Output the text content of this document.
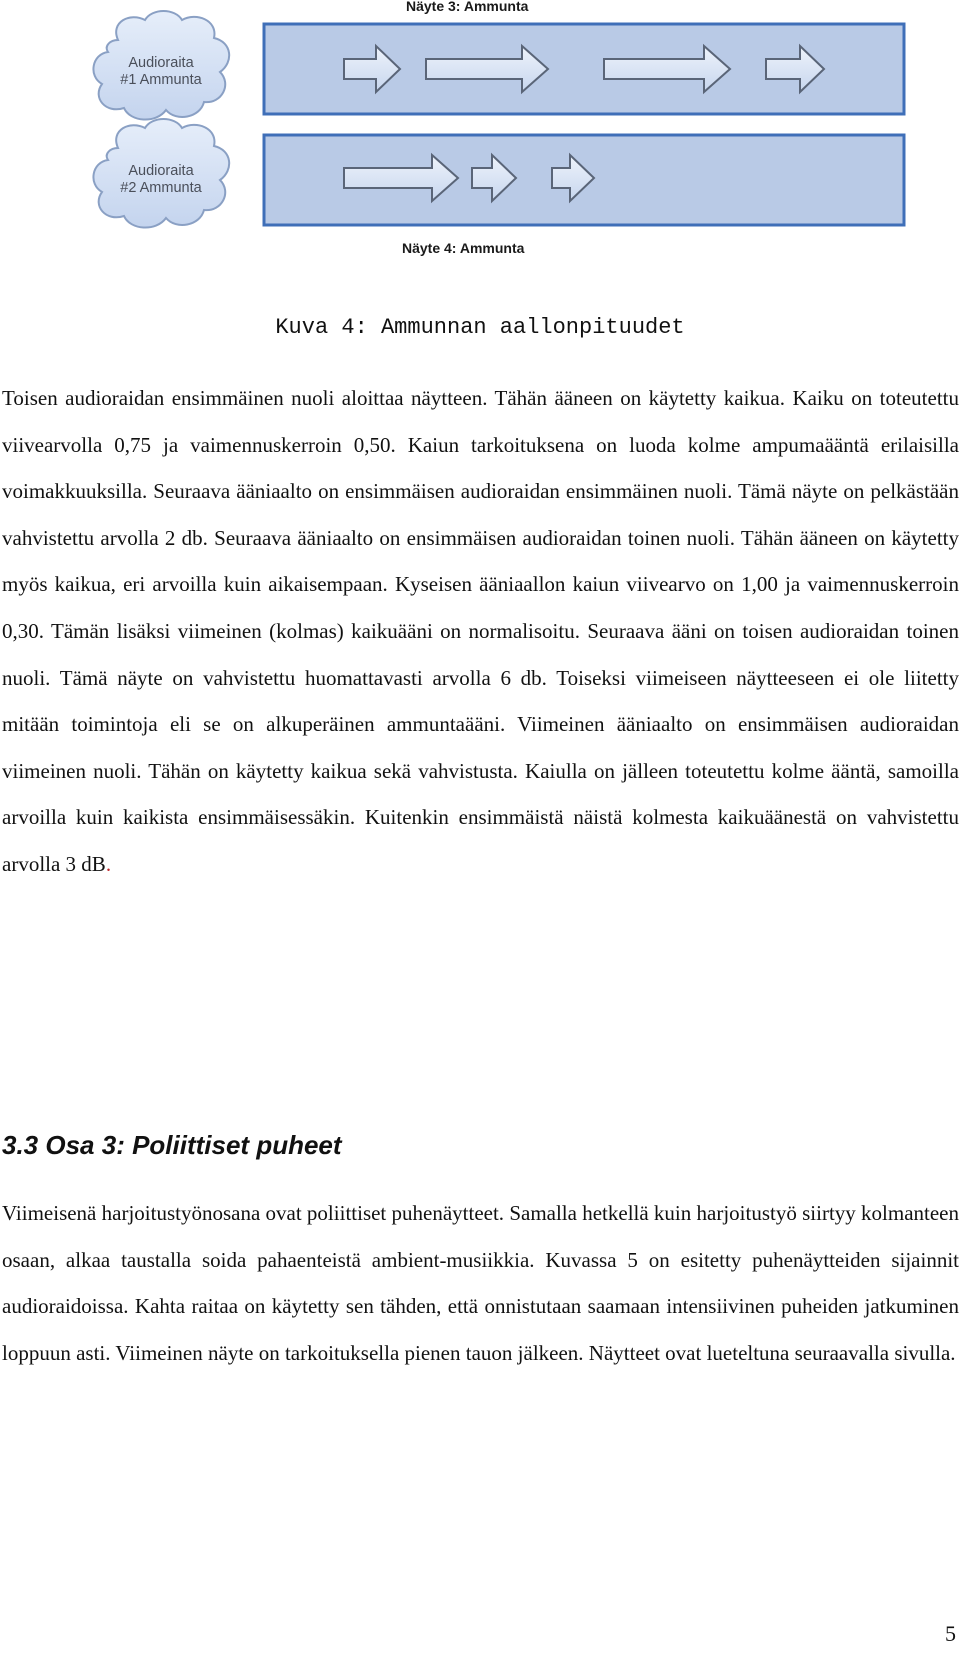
Näyte 3: Ammunta
Näyte 4: Ammunta
Audioraita
#1 Ammunta
Audioraita
#2 Ammunta
Kuva 4: Ammunnan aallonpituudet

Toisen audioraidan ensimmäinen nuoli aloittaa näytteen. Tähän ääneen on käytetty kaikua. Kaiku on toteutettu viivearvolla 0,75 ja vaimennuskerroin 0,50. Kaiun tarkoituksena on luoda kolme ampumaääntä erilaisilla voimakkuuksilla. Seuraava ääniaalto on ensimmäisen audioraidan ensimmäinen nuoli. Tämä näyte on pelkästään vahvistettu arvolla 2 db. Seuraava ääniaalto on ensimmäisen audioraidan toinen nuoli. Tähän ääneen on käytetty myös kaikua, eri arvoilla kuin aikaisempaan. Kyseisen ääniaallon kaiun viivearvo on 1,00 ja vaimennuskerroin 0,30. Tämän lisäksi viimeinen (kolmas) kaikuääni on normalisoitu. Seuraava ääni on toisen audioraidan toinen nuoli. Tämä näyte on vahvistettu huomattavasti arvolla 6 db. Toiseksi viimeiseen näytteeseen ei ole liitetty mitään toimintoja eli se on alkuperäinen ammuntaääni. Viimeinen ääniaalto on ensimmäisen audioraidan viimeinen nuoli. Tähän on käytetty kaikua sekä vahvistusta. Kaiulla on jälleen toteutettu kolme ääntä, samoilla arvoilla kuin kaikista ensimmäisessäkin. Kuitenkin ensimmäistä näistä kolmesta kaikuäänestä on vahvistettu arvolla 3 dB.

3.3 Osa 3: Poliittiset puheet

Viimeisenä harjoitustyönosana ovat poliittiset puhenäytteet. Samalla hetkellä kuin harjoitustyö siirtyy kolmanteen osaan, alkaa taustalla soida pahaenteistä ambient-musiikkia. Kuvassa 5 on esitetty puhenäytteiden sijainnit audioraidoissa. Kahta raitaa on käytetty sen tähden, että onnistutaan saamaan intensiivinen puheiden jatkuminen loppuun asti. Viimeinen näyte on tarkoituksella pienen tauon jälkeen. Näytteet ovat lueteltuna seuraavalla sivulla.

5
